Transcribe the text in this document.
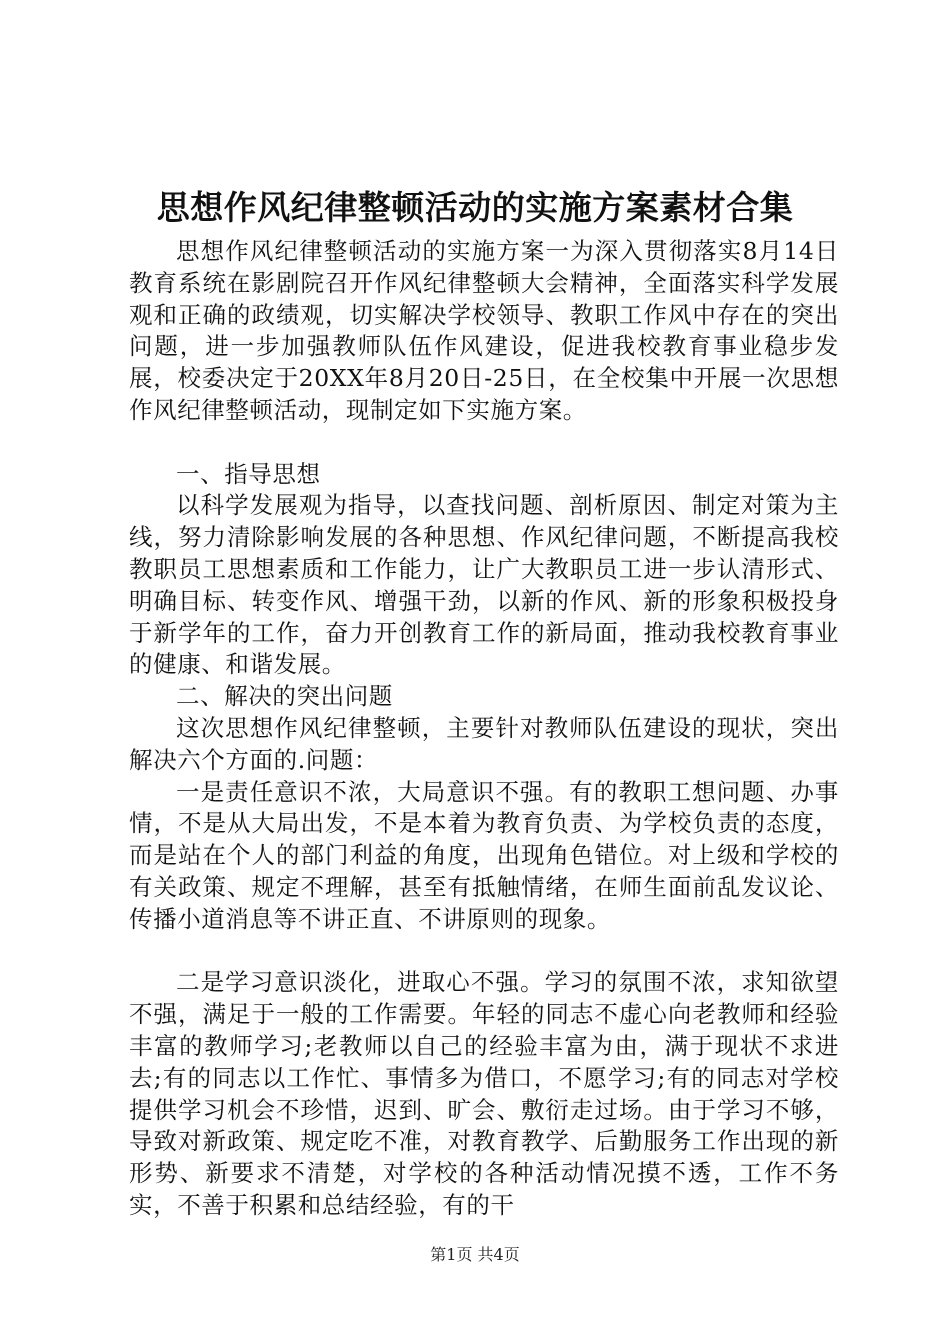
思想作风纪律整顿活动的实施方案素材合集

思想作风纪律整顿活动的实施方案一为深入贯彻落实8月14日教育系统在影剧院召开作风纪律整顿大会精神，全面落实科学发展观和正确的政绩观，切实解决学校领导、教职工作风中存在的突出问题，进一步加强教师队伍作风建设，促进我校教育事业稳步发展，校委决定于20XX年8月20日-25日，在全校集中开展一次思想作风纪律整顿活动，现制定如下实施方案。

一、指导思想

以科学发展观为指导，以查找问题、剖析原因、制定对策为主线，努力清除影响发展的各种思想、作风纪律问题，不断提高我校教职员工思想素质和工作能力，让广大教职员工进一步认清形式、明确目标、转变作风、增强干劲，以新的作风、新的形象积极投身于新学年的工作，奋力开创教育工作的新局面，推动我校教育事业的健康、和谐发展。

二、解决的突出问题

这次思想作风纪律整顿，主要针对教师队伍建设的现状，突出解决六个方面的.问题：

一是责任意识不浓，大局意识不强。有的教职工想问题、办事情，不是从大局出发，不是本着为教育负责、为学校负责的态度，而是站在个人的部门利益的角度，出现角色错位。对上级和学校的有关政策、规定不理解，甚至有抵触情绪，在师生面前乱发议论、传播小道消息等不讲正直、不讲原则的现象。

二是学习意识淡化，进取心不强。学习的氛围不浓，求知欲望不强，满足于一般的工作需要。年轻的同志不虚心向老教师和经验丰富的教师学习;老教师以自己的经验丰富为由，满于现状不求进去;有的同志以工作忙、事情多为借口，不愿学习;有的同志对学校提供学习机会不珍惜，迟到、旷会、敷衍走过场。由于学习不够，导致对新政策、规定吃不准，对教育教学、后勤服务工作出现的新形势、新要求不清楚，对学校的各种活动情况摸不透，工作不务实，不善于积累和总结经验，有的干

第1页 共4页
